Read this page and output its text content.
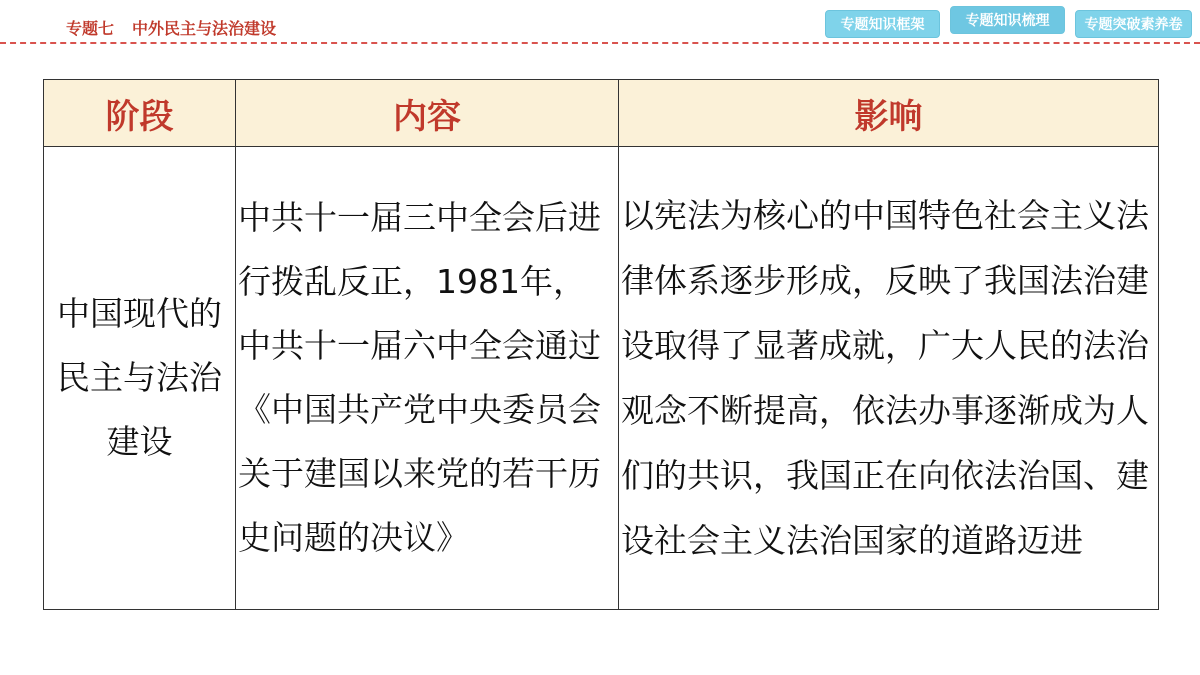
专题七 中外民主与法治建设	专题知识框架	专题知识梳理	专题突破素养卷
阶段	内容	影响
中国现代的民主与法治建设	中共十一届三中全会后进行拨乱反正，1981年，中共十一届六中全会通过《中国共产党中央委员会关于建国以来党的若干历史问题的决议》	以宪法为核心的中国特色社会主义法律体系逐步形成，反映了我国法治建设取得了显著成就，广大人民的法治观念不断提高，依法办事逐渐成为人们的共识，我国正在向依法治国、建设社会主义法治国家的道路迈进
